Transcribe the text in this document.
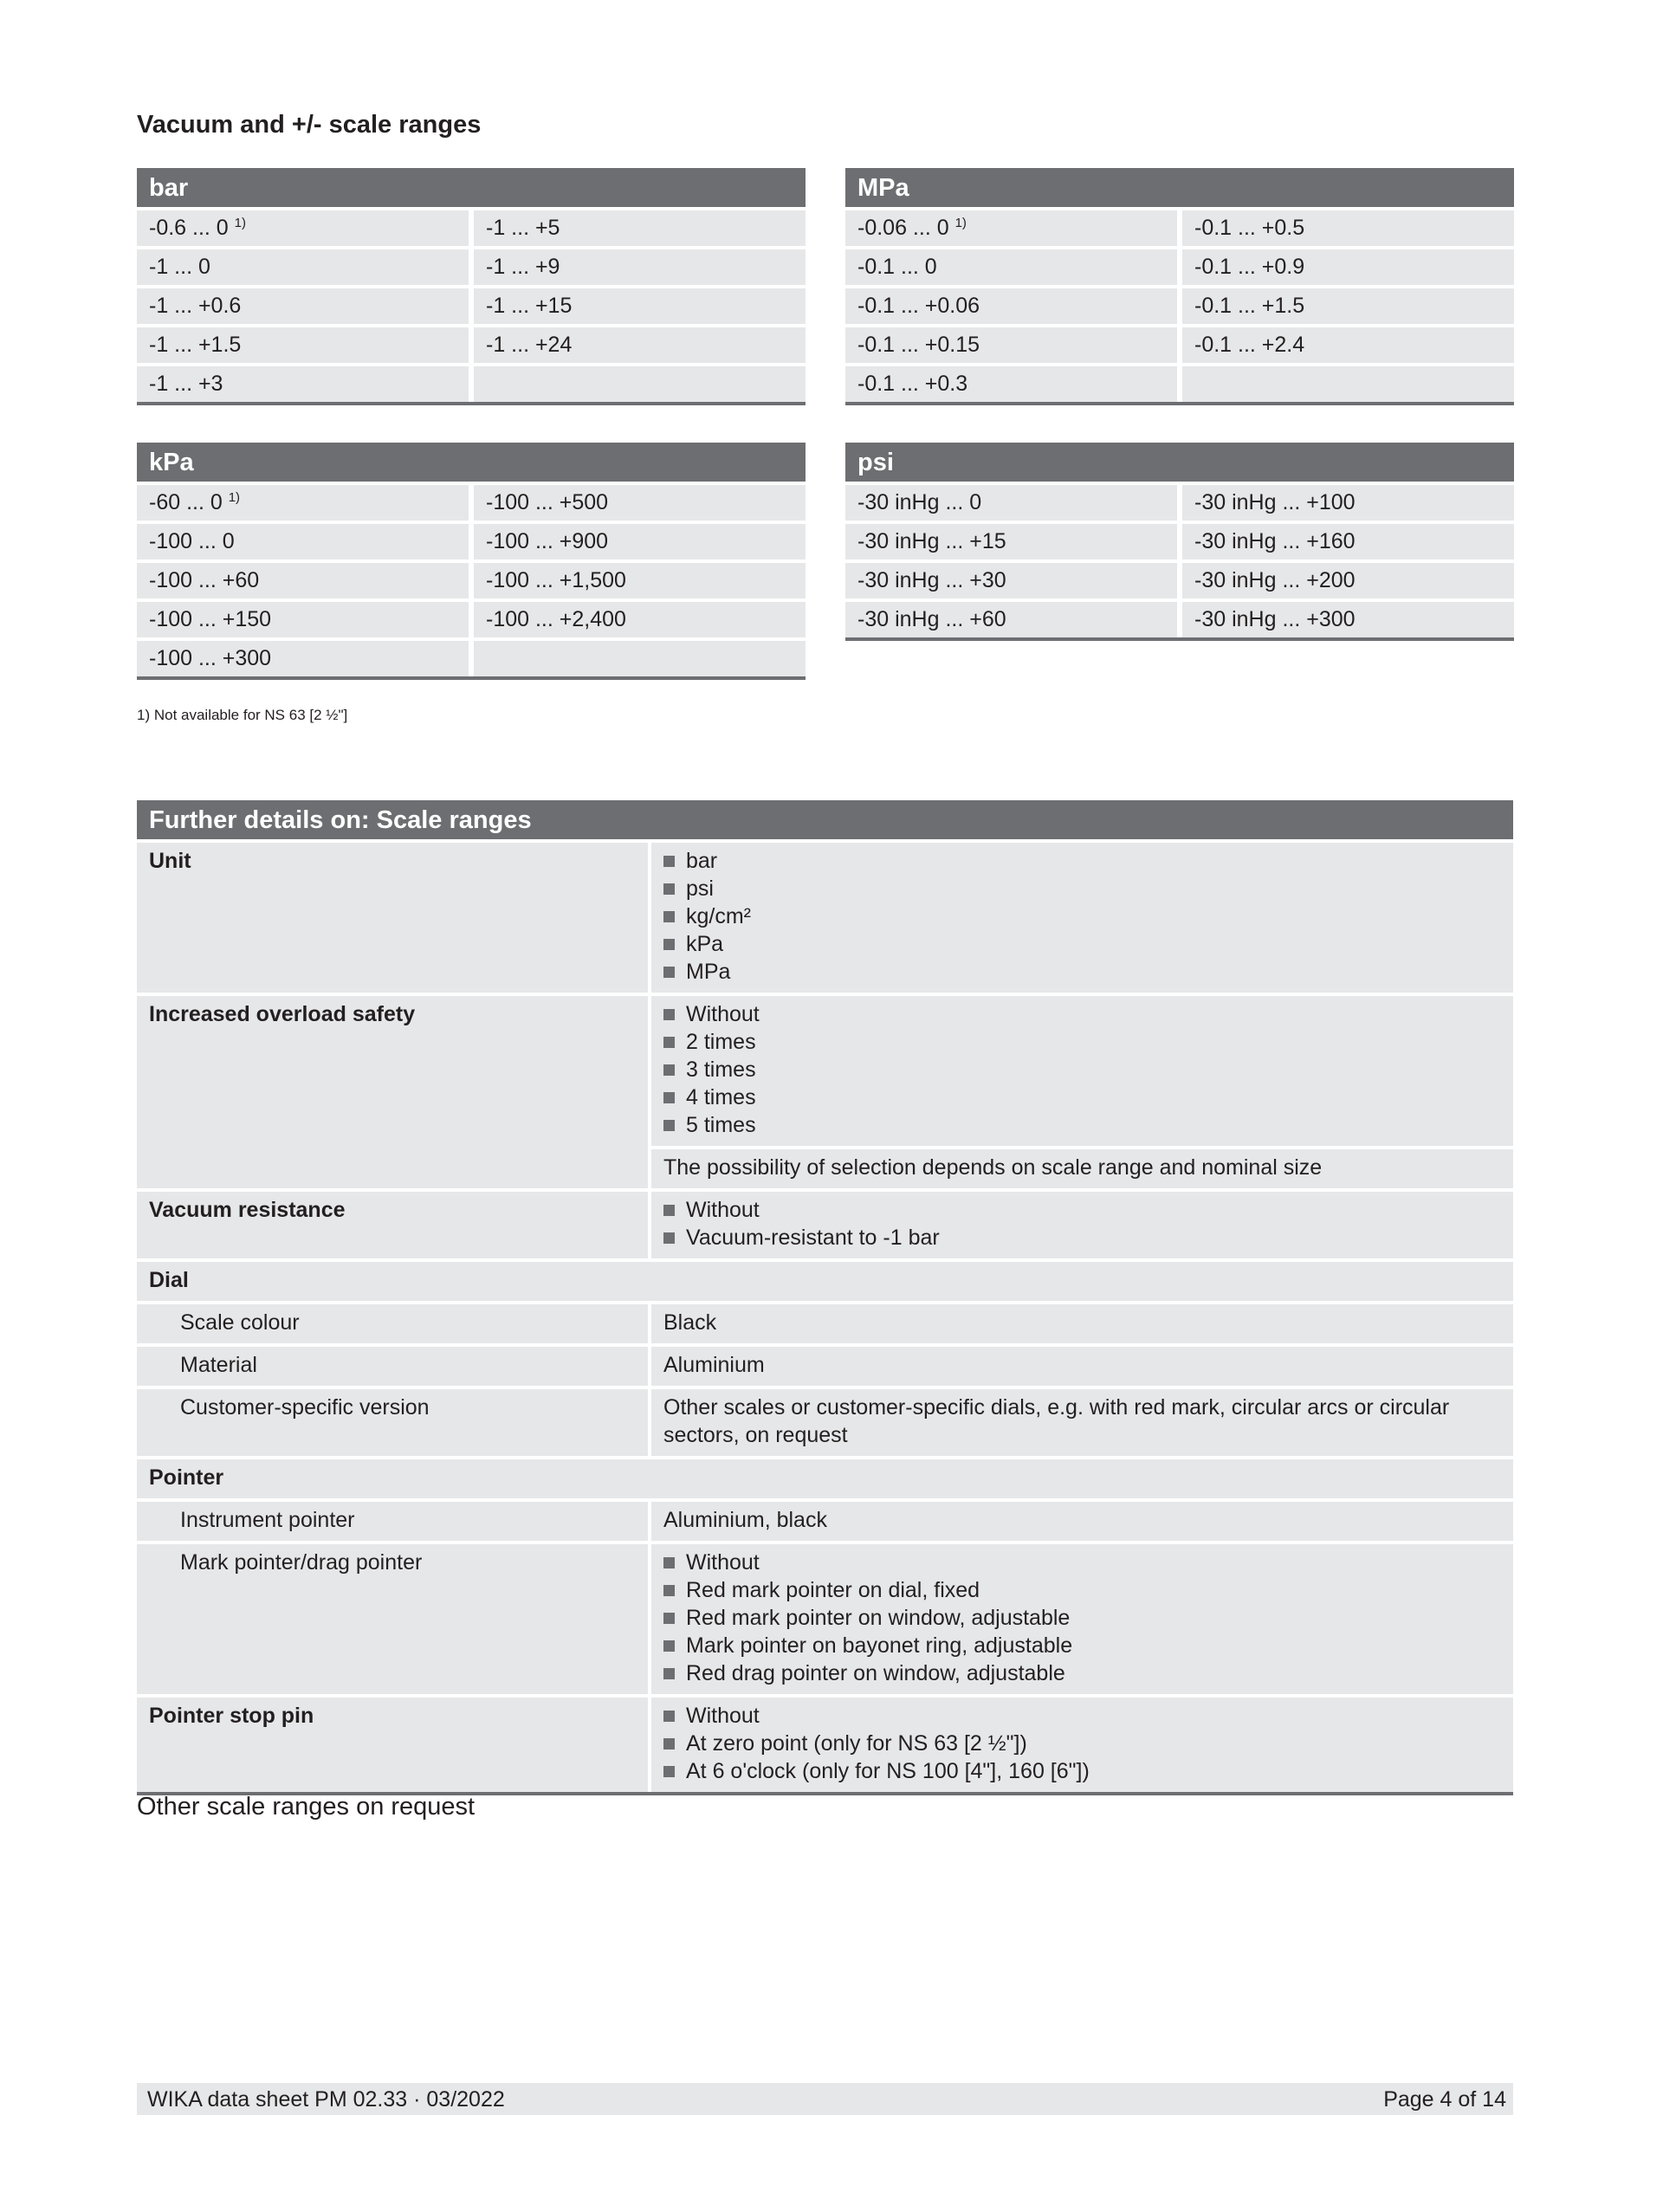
Vacuum and +/- scale ranges
bar
-0.6 ... 0 $^{1)}$	-1 ... +5
-1 ... 0	-1 ... +9
-1 ... +0.6	-1 ... +15
-1 ... +1.5	-1 ... +24
-1 ... +3
MPa
-0.06 ... 0 $^{1)}$	-0.1 ... +0.5
-0.1 ... 0	-0.1 ... +0.9
-0.1 ... +0.06	-0.1 ... +1.5
-0.1 ... +0.15	-0.1 ... +2.4
-0.1 ... +0.3
kPa
-60 ... 0 $^{1)}$	-100 ... +500
-100 ... 0	-100 ... +900
-100 ... +60	-100 ... +1,500
-100 ... +150	-100 ... +2,400
-100 ... +300
psi
-30 inHg ... 0	-30 inHg ... +100
-30 inHg ... +15	-30 inHg ... +160
-30 inHg ... +30	-30 inHg ... +200
-30 inHg ... +60	-30 inHg ... +300
1) Not available for NS 63 [2 ½"]
Further details on: Scale ranges
Unit	bar
psi
kg/cm²
kPa
MPa
Increased overload safety	Without
2 times
3 times
4 times
5 times
The possibility of selection depends on scale range and nominal size
Vacuum resistance	Without
Vacuum-resistant to -1 bar
Dial
Scale colour	Black
Material	Aluminium
Customer-specific version	Other scales or customer-specific dials, e.g. with red mark, circular arcs or circular sectors, on request
Pointer
Instrument pointer	Aluminium, black
Mark pointer/drag pointer	Without
Red mark pointer on dial, fixed
Red mark pointer on window, adjustable
Mark pointer on bayonet ring, adjustable
Red drag pointer on window, adjustable
Pointer stop pin	Without
At zero point (only for NS 63 [2 ½"])
At 6 o'clock (only for NS 100 [4"], 160 [6"])
Other scale ranges on request
WIKA data sheet PM 02.33 · 03/2022	Page 4 of 14
